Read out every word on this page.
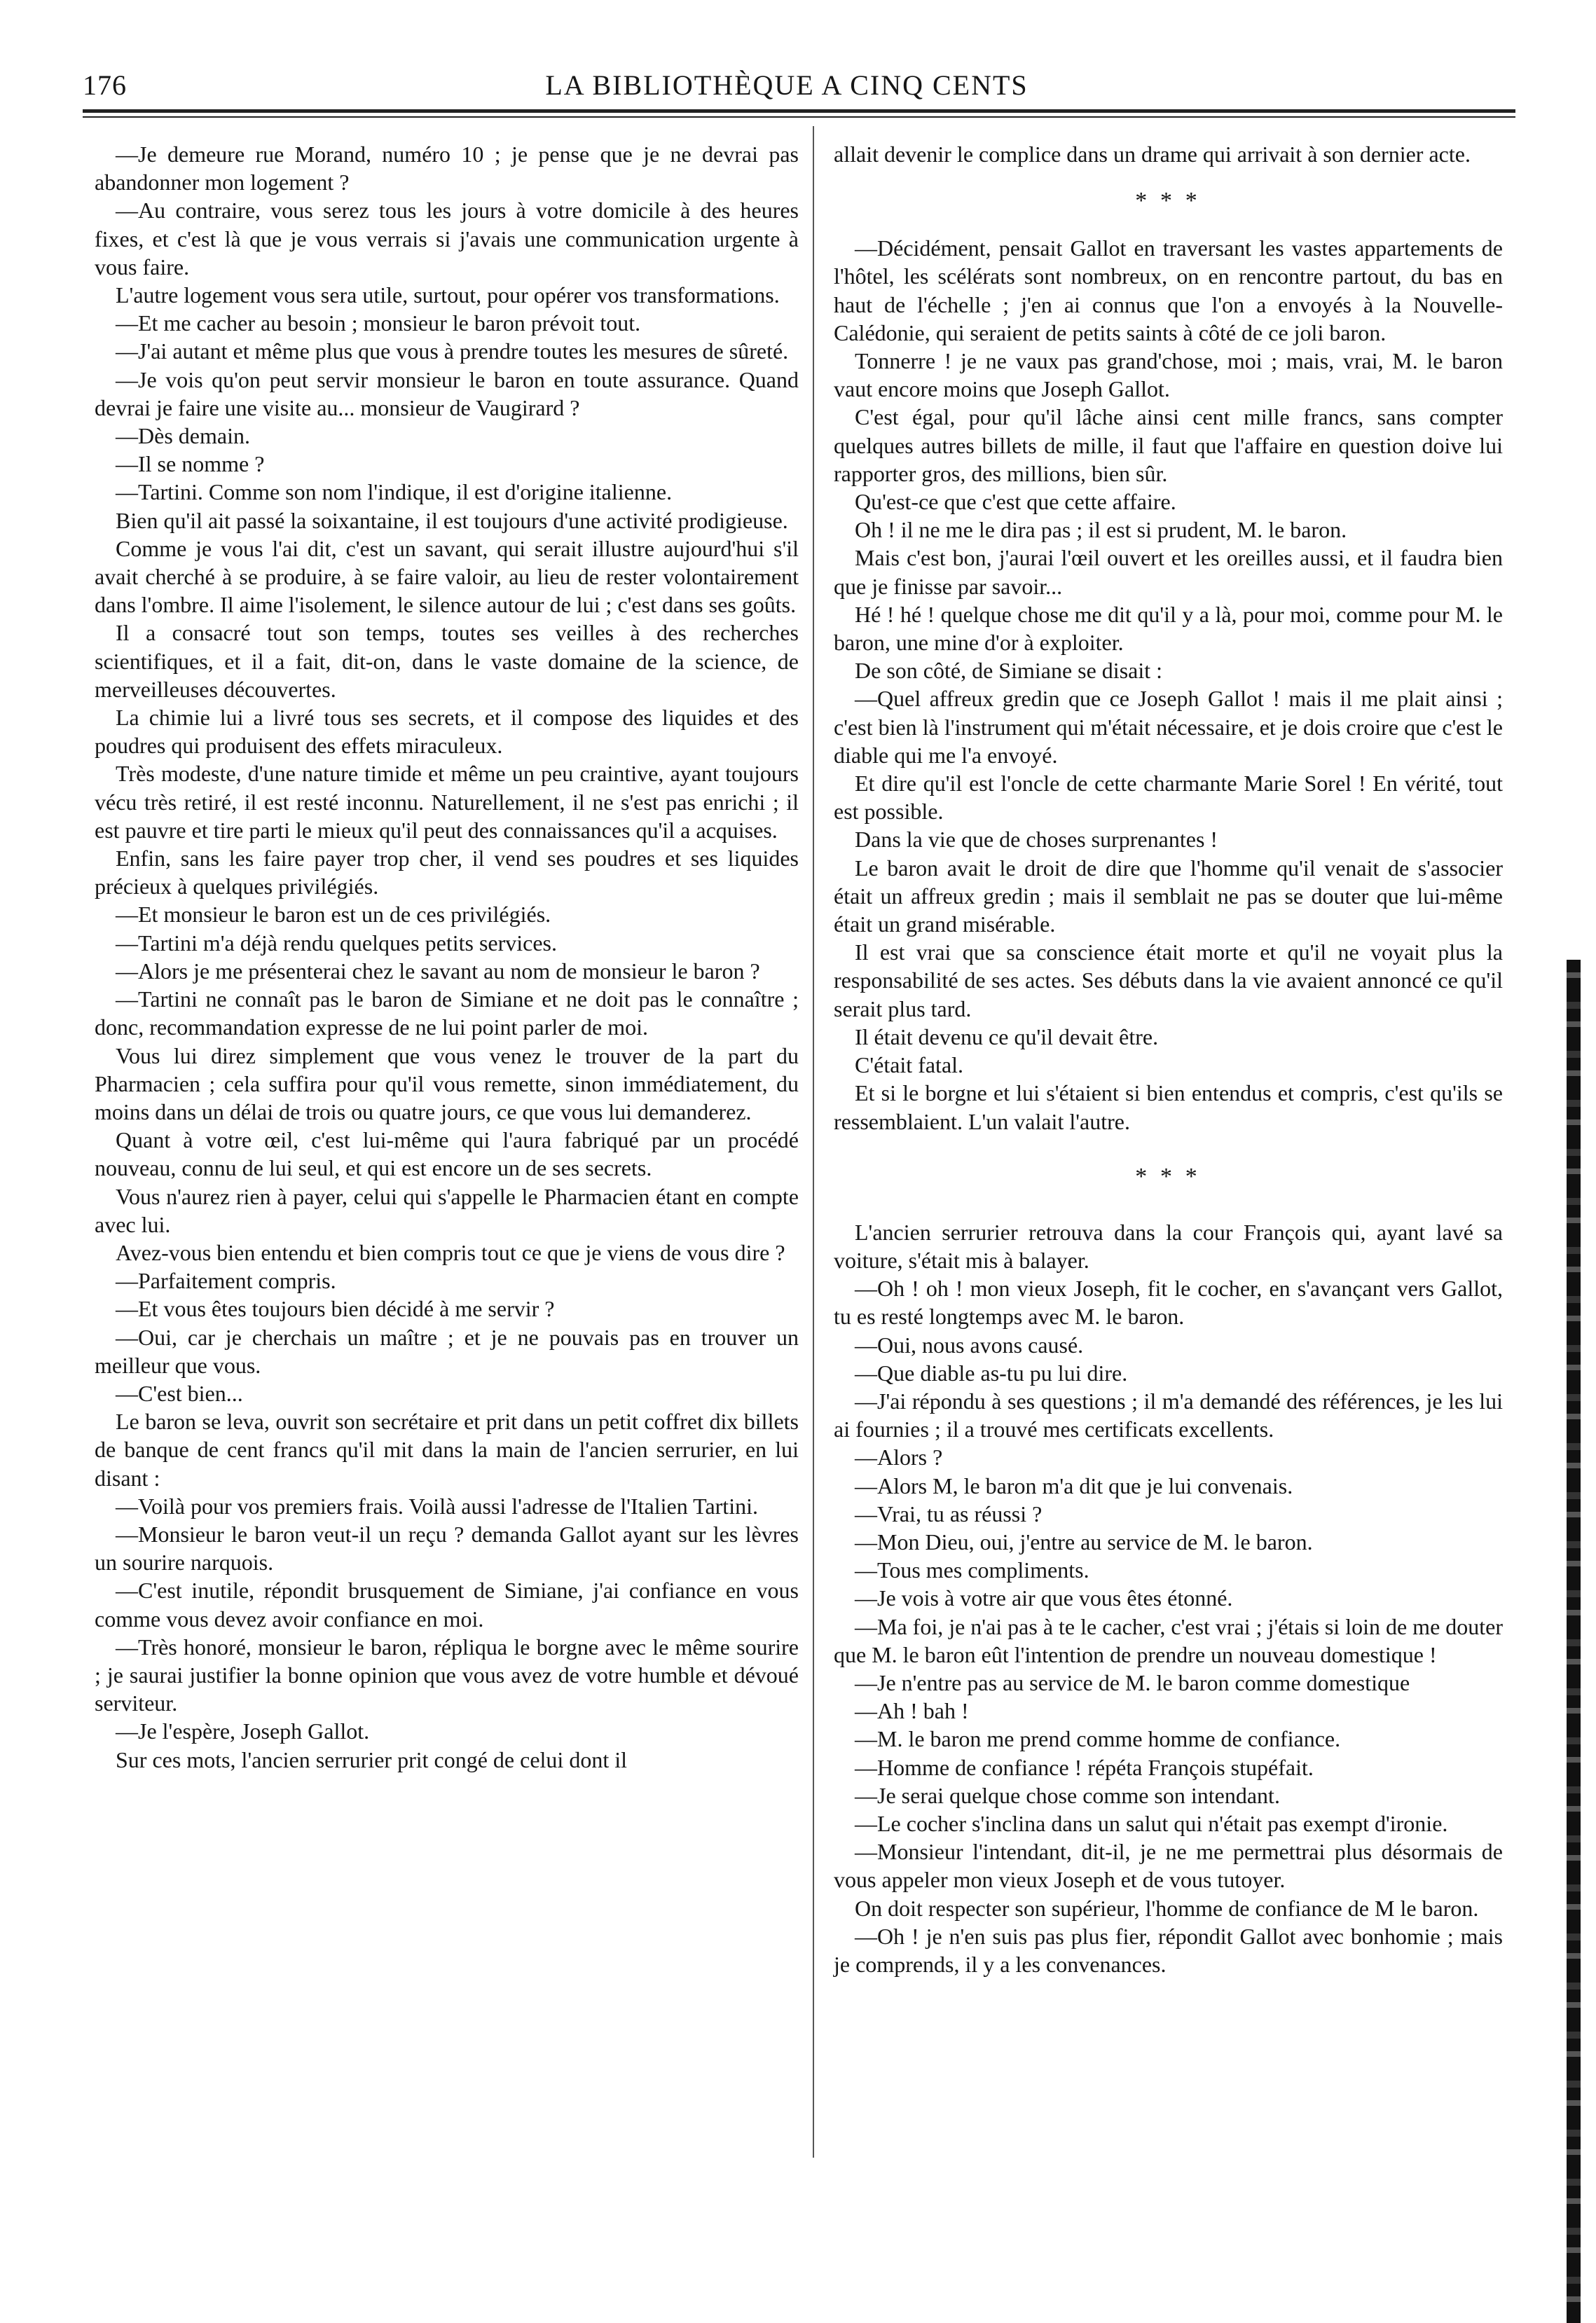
176	LA BIBLIOTHÈQUE A CINQ CENTS

—Je demeure rue Morand, numéro 10 ; je pense que je ne devrai pas abandonner mon logement ?

—Au contraire, vous serez tous les jours à votre domicile à des heures fixes, et c'est là que je vous verrais si j'avais une communication urgente à vous faire.

L'autre logement vous sera utile, surtout, pour opérer vos transformations.

—Et me cacher au besoin ; monsieur le baron prévoit tout.

—J'ai autant et même plus que vous à prendre toutes les mesures de sûreté.

—Je vois qu'on peut servir monsieur le baron en toute assurance. Quand devrai je faire une visite au... monsieur de Vaugirard ?

—Dès demain.

—Il se nomme ?

—Tartini. Comme son nom l'indique, il est d'origine italienne.

Bien qu'il ait passé la soixantaine, il est toujours d'une activité prodigieuse.

Comme je vous l'ai dit, c'est un savant, qui serait illustre aujourd'hui s'il avait cherché à se produire, à se faire valoir, au lieu de rester volontairement dans l'ombre. Il aime l'isolement, le silence autour de lui ; c'est dans ses goûts.

Il a consacré tout son temps, toutes ses veilles à des recherches scientifiques, et il a fait, dit-on, dans le vaste domaine de la science, de merveilleuses découvertes.

La chimie lui a livré tous ses secrets, et il compose des liquides et des poudres qui produisent des effets miraculeux.

Très modeste, d'une nature timide et même un peu craintive, ayant toujours vécu très retiré, il est resté inconnu. Naturellement, il ne s'est pas enrichi ; il est pauvre et tire parti le mieux qu'il peut des connaissances qu'il a acquises.

Enfin, sans les faire payer trop cher, il vend ses poudres et ses liquides précieux à quelques privilégiés.

—Et monsieur le baron est un de ces privilégiés.

—Tartini m'a déjà rendu quelques petits services.

—Alors je me présenterai chez le savant au nom de monsieur le baron ?

—Tartini ne connaît pas le baron de Simiane et ne doit pas le connaître ; donc, recommandation expresse de ne lui point parler de moi.

Vous lui direz simplement que vous venez le trouver de la part du Pharmacien ; cela suffira pour qu'il vous remette, sinon immédiatement, du moins dans un délai de trois ou quatre jours, ce que vous lui demanderez.

Quant à votre œil, c'est lui-même qui l'aura fabriqué par un procédé nouveau, connu de lui seul, et qui est encore un de ses secrets.

Vous n'aurez rien à payer, celui qui s'appelle le Pharmacien étant en compte avec lui.

Avez-vous bien entendu et bien compris tout ce que je viens de vous dire ?

—Parfaitement compris.

—Et vous êtes toujours bien décidé à me servir ?

—Oui, car je cherchais un maître ; et je ne pouvais pas en trouver un meilleur que vous.

—C'est bien...

Le baron se leva, ouvrit son secrétaire et prit dans un petit coffret dix billets de banque de cent francs qu'il mit dans la main de l'ancien serrurier, en lui disant :

—Voilà pour vos premiers frais. Voilà aussi l'adresse de l'Italien Tartini.

—Monsieur le baron veut-il un reçu ? demanda Gallot ayant sur les lèvres un sourire narquois.

—C'est inutile, répondit brusquement de Simiane, j'ai confiance en vous comme vous devez avoir confiance en moi.

—Très honoré, monsieur le baron, répliqua le borgne avec le même sourire ; je saurai justifier la bonne opinion que vous avez de votre humble et dévoué serviteur.

—Je l'espère, Joseph Gallot.

Sur ces mots, l'ancien serrurier prit congé de celui dont il

allait devenir le complice dans un drame qui arrivait à son dernier acte.

* * *

—Décidément, pensait Gallot en traversant les vastes appartements de l'hôtel, les scélérats sont nombreux, on en rencontre partout, du bas en haut de l'échelle ; j'en ai connus que l'on a envoyés à la Nouvelle-Calédonie, qui seraient de petits saints à côté de ce joli baron.

Tonnerre ! je ne vaux pas grand'chose, moi ; mais, vrai, M. le baron vaut encore moins que Joseph Gallot.

C'est égal, pour qu'il lâche ainsi cent mille francs, sans compter quelques autres billets de mille, il faut que l'affaire en question doive lui rapporter gros, des millions, bien sûr.

Qu'est-ce que c'est que cette affaire.

Oh ! il ne me le dira pas ; il est si prudent, M. le baron.

Mais c'est bon, j'aurai l'œil ouvert et les oreilles aussi, et il faudra bien que je finisse par savoir...

Hé ! hé ! quelque chose me dit qu'il y a là, pour moi, comme pour M. le baron, une mine d'or à exploiter.

De son côté, de Simiane se disait :

—Quel affreux gredin que ce Joseph Gallot ! mais il me plait ainsi ; c'est bien là l'instrument qui m'était nécessaire, et je dois croire que c'est le diable qui me l'a envoyé.

Et dire qu'il est l'oncle de cette charmante Marie Sorel ! En vérité, tout est possible.

Dans la vie que de choses surprenantes !

Le baron avait le droit de dire que l'homme qu'il venait de s'associer était un affreux gredin ; mais il semblait ne pas se douter que lui-même était un grand misérable.

Il est vrai que sa conscience était morte et qu'il ne voyait plus la responsabilité de ses actes. Ses débuts dans la vie avaient annoncé ce qu'il serait plus tard.

Il était devenu ce qu'il devait être.

C'était fatal.

Et si le borgne et lui s'étaient si bien entendus et compris, c'est qu'ils se ressemblaient. L'un valait l'autre.

* * *

L'ancien serrurier retrouva dans la cour François qui, ayant lavé sa voiture, s'était mis à balayer.

—Oh ! oh ! mon vieux Joseph, fit le cocher, en s'avançant vers Gallot, tu es resté longtemps avec M. le baron.

—Oui, nous avons causé.

—Que diable as-tu pu lui dire.

—J'ai répondu à ses questions ; il m'a demandé des références, je les lui ai fournies ; il a trouvé mes certificats excellents.

—Alors ?

—Alors M, le baron m'a dit que je lui convenais.

—Vrai, tu as réussi ?

—Mon Dieu, oui, j'entre au service de M. le baron.

—Tous mes compliments.

—Je vois à votre air que vous êtes étonné.

—Ma foi, je n'ai pas à te le cacher, c'est vrai ; j'étais si loin de me douter que M. le baron eût l'intention de prendre un nouveau domestique !

—Je n'entre pas au service de M. le baron comme domestique

—Ah ! bah !

—M. le baron me prend comme homme de confiance.

—Homme de confiance ! répéta François stupéfait.

—Je serai quelque chose comme son intendant.

—Le cocher s'inclina dans un salut qui n'était pas exempt d'ironie.

—Monsieur l'intendant, dit-il, je ne me permettrai plus désormais de vous appeler mon vieux Joseph et de vous tutoyer.

On doit respecter son supérieur, l'homme de confiance de M le baron.

—Oh ! je n'en suis pas plus fier, répondit Gallot avec bonhomie ; mais je comprends, il y a les convenances.
